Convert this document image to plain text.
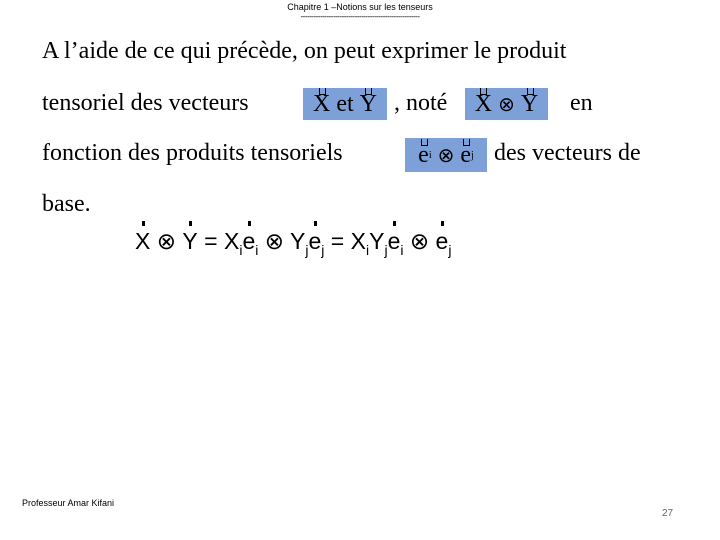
Chapitre 1 –Notions sur les tenseurs
-------------------------------------------------------
A l’aide de ce qui précède, on peut exprimer le produit
tensoriel des vecteurs	X
et
Y , noté X
⊗
Y en
fonction des produits tensoriels	e i
⊗
e j des vecteurs de
base.
X ⊗ $Y = X_ie_i$ ⊗ $Y_je_j = X_iY_je_i$ ⊗ $e_j$
Professeur Amar Kifani
27
